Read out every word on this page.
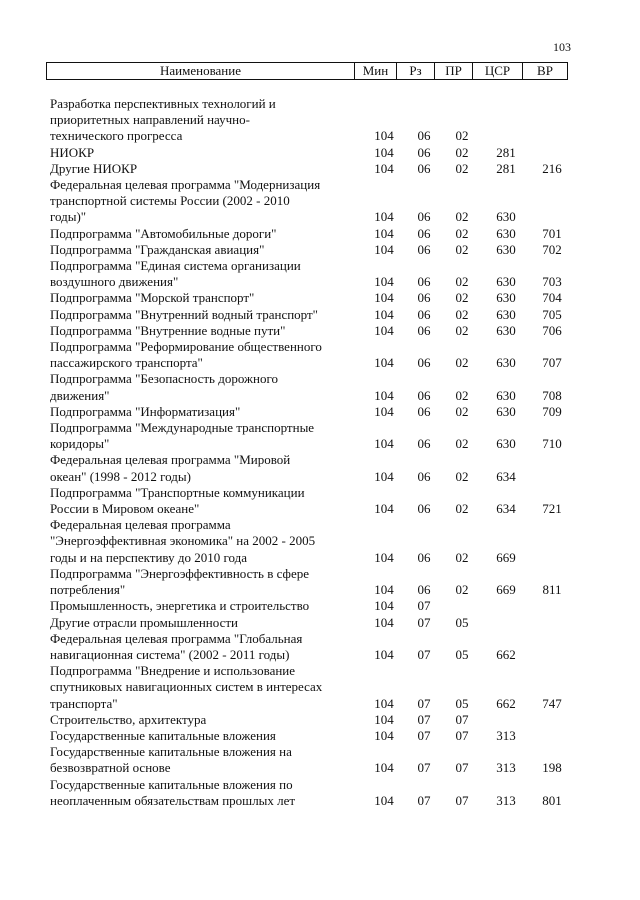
103
Наименование	Мин	Рз	ПР	ЦСР	ВР
Разработка перспективных технологий и
приоритетных направлений научно-
технического прогресса	104	06	02
НИОКР	104	06	02	281
Другие НИОКР	104	06	02	281	216
Федеральная целевая программа "Модернизация
транспортной системы России (2002 - 2010
годы)"	104	06	02	630
Подпрограмма "Автомобильные дороги"	104	06	02	630	701
Подпрограмма "Гражданская авиация"	104	06	02	630	702
Подпрограмма "Единая система организации
воздушного движения"	104	06	02	630	703
Подпрограмма "Морской транспорт"	104	06	02	630	704
Подпрограмма "Внутренний водный транспорт"	104	06	02	630	705
Подпрограмма "Внутренние водные пути"	104	06	02	630	706
Подпрограмма "Реформирование общественного
пассажирского транспорта"	104	06	02	630	707
Подпрограмма "Безопасность дорожного
движения"	104	06	02	630	708
Подпрограмма "Информатизация"	104	06	02	630	709
Подпрограмма "Международные транспортные
коридоры"	104	06	02	630	710
Федеральная целевая программа "Мировой
океан" (1998 - 2012 годы)	104	06	02	634
Подпрограмма "Транспортные коммуникации
России в Мировом океане"	104	06	02	634	721
Федеральная целевая программа
"Энергоэффективная экономика" на 2002 - 2005
годы и на перспективу до 2010 года	104	06	02	669
Подпрограмма "Энергоэффективность в сфере
потребления"	104	06	02	669	811
Промышленность, энергетика и строительство	104	07
Другие отрасли промышленности	104	07	05
Федеральная целевая программа "Глобальная
навигационная система" (2002 - 2011 годы)	104	07	05	662
Подпрограмма "Внедрение и использование
спутниковых навигационных систем в интересах
транспорта"	104	07	05	662	747
Строительство, архитектура	104	07	07
Государственные капитальные вложения	104	07	07	313
Государственные капитальные вложения на
безвозвратной основе	104	07	07	313	198
Государственные капитальные вложения по
неоплаченным обязательствам прошлых лет	104	07	07	313	801
